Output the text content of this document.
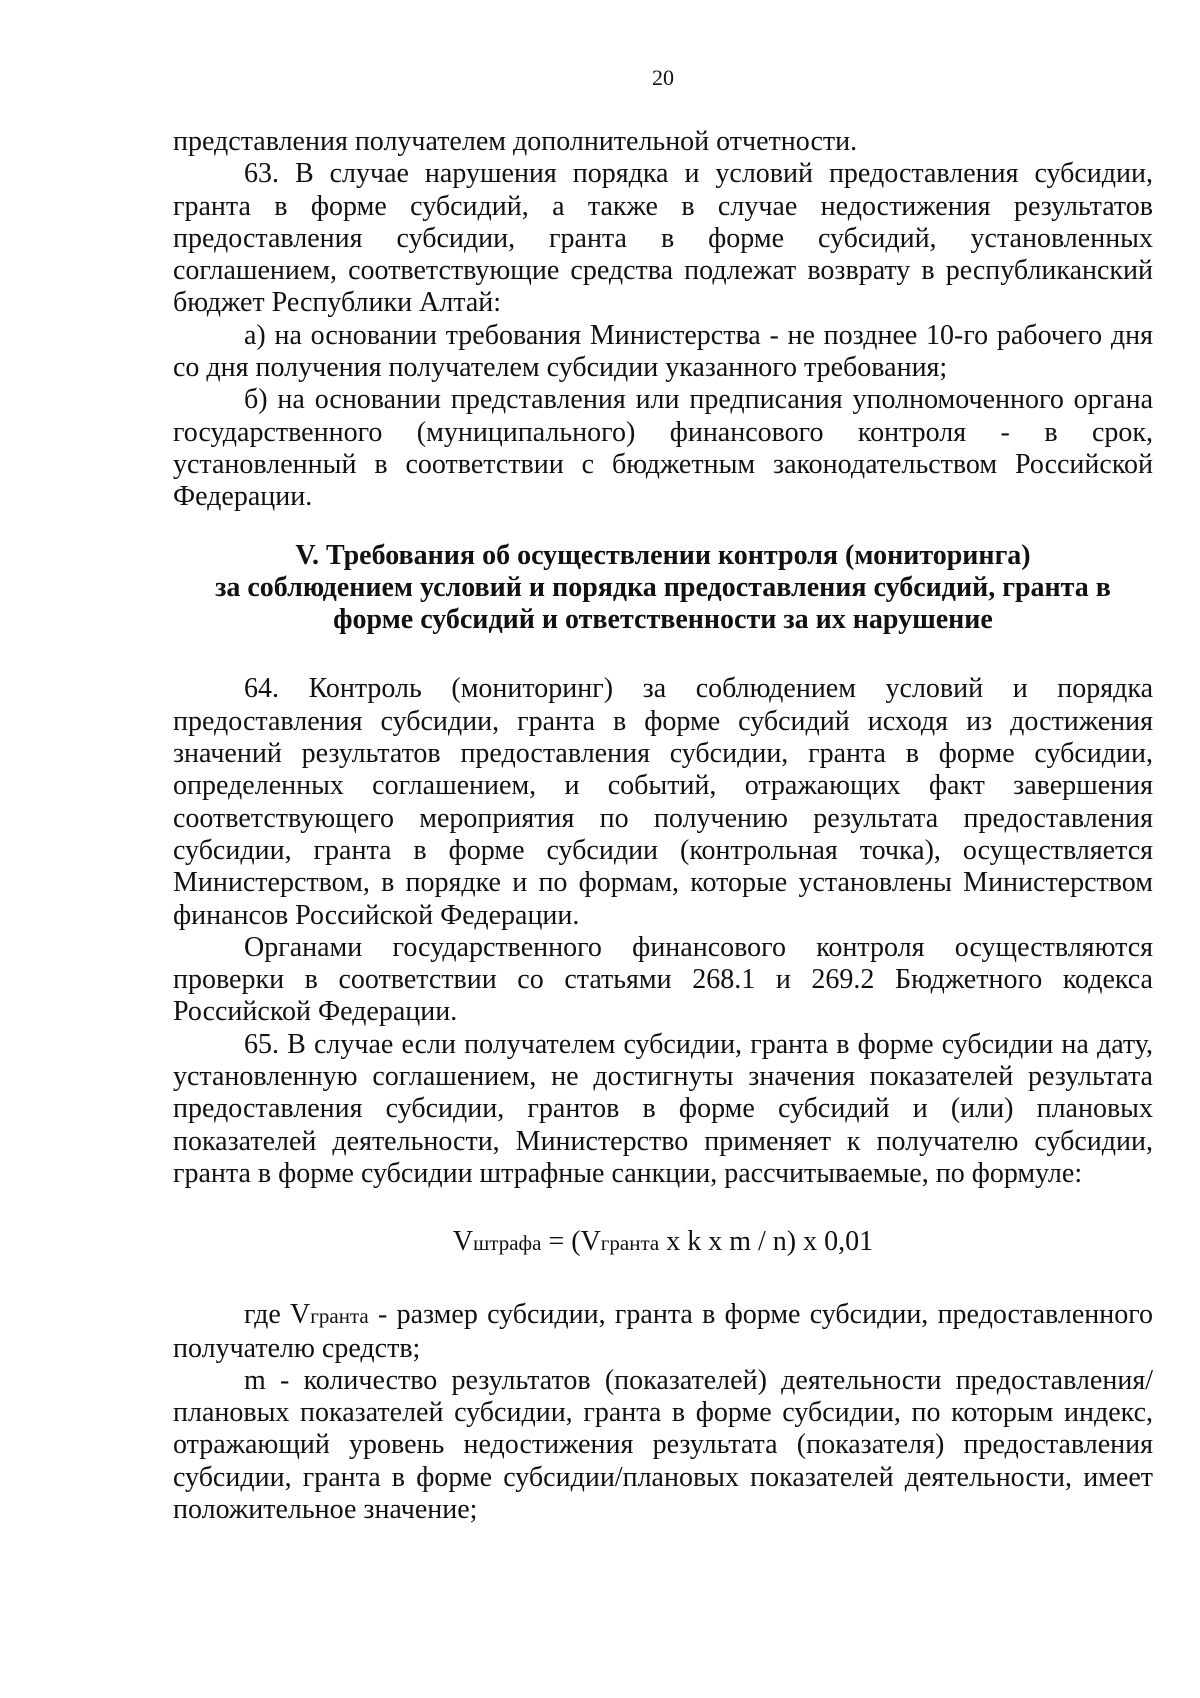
20

представления получателем дополнительной отчетности.

63. В случае нарушения порядка и условий предоставления субсидии, гранта в форме субсидий, а также в случае недостижения результатов предоставления субсидии, гранта в форме субсидий, установленных соглашением, соответствующие средства подлежат возврату в республиканский бюджет Республики Алтай:

а) на основании требования Министерства - не позднее 10-го рабочего дня со дня получения получателем субсидии указанного требования;

б) на основании представления или предписания уполномоченного органа государственного (муниципального) финансового контроля - в срок, установленный в соответствии с бюджетным законодательством Российской Федерации.

V. Требования об осуществлении контроля (мониторинга)
за соблюдением условий и порядка предоставления субсидий, гранта в
форме субсидий и ответственности за их нарушение

64. Контроль (мониторинг) за соблюдением условий и порядка предоставления субсидии, гранта в форме субсидий исходя из достижения значений результатов предоставления субсидии, гранта в форме субсидии, определенных соглашением, и событий, отражающих факт завершения соответствующего мероприятия по получению результата предоставления субсидии, гранта в форме субсидии (контрольная точка), осуществляется Министерством, в порядке и по формам, которые установлены Министерством финансов Российской Федерации.

Органами государственного финансового контроля осуществляются проверки в соответствии со статьями 268.1 и 269.2 Бюджетного кодекса Российской Федерации.

65. В случае если получателем субсидии, гранта в форме субсидии на дату, установленную соглашением, не достигнуты значения показателей результата предоставления субсидии, грантов в форме субсидий и (или) плановых показателей деятельности, Министерство применяет к получателю субсидии, гранта в форме субсидии штрафные санкции, рассчитываемые, по формуле:

Vштрафа = (Vгранта x k x m / n) x 0,01

где Vгранта - размер субсидии, гранта в форме субсидии, предоставленного получателю средств;

m - количество результатов (показателей) деятельности предоставления/плановых показателей субсидии, гранта в форме субсидии, по которым индекс, отражающий уровень недостижения результата (показателя) предоставления субсидии, гранта в форме субсидии/плановых показателей деятельности, имеет положительное значение;
